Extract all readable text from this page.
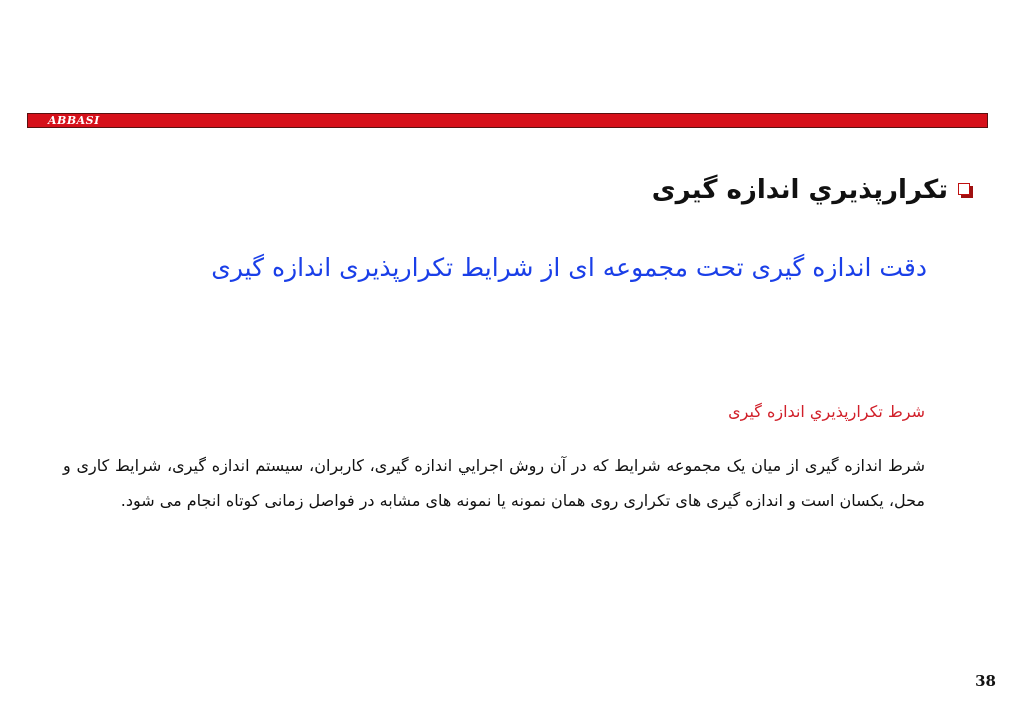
ABBASI
تکرارپذيري اندازه گيری
دقت اندازه گيری تحت مجموعه ای از شرايط تکرارپذيری اندازه گيری
شرط تکرارپذيري اندازه گيری
شرط اندازه گيری از ميان يک مجموعه شرايط که در آن روش اجرايي اندازه گيری، کاربران، سيستم اندازه گيری، شرايط کاری و محل، يکسان است و اندازه گيری های تکراری روی همان نمونه يا نمونه های مشابه در فواصل زمانی کوتاه انجام می شود.
38
